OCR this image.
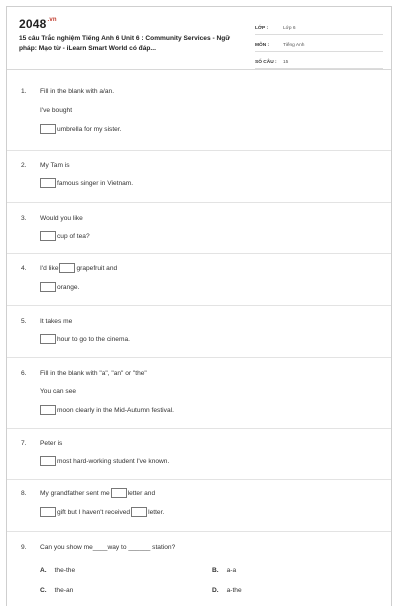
$2048^{.vn}$
15 câu Trắc nghiệm Tiếng Anh 6 Unit 6 : Community Services - Ngữ pháp: Mạo từ - iLearn Smart World có đáp...
LỚP :	Lớp 6
MÔN :	Tiếng Anh
SỐ CÂU :	15
1. Fill in the blank with a/an.
I've bought
umbrella for my sister.
2. My Tam is
famous singer in Vietnam.
3. Would you like
cup of tea?
4. I'd like	grapefruit and
orange.
5. It takes me
hour to go to the cinema.
6. Fill in the blank with "a", "an" or "the"
You can see
moon clearly in the Mid-Autumn festival.
7. Peter is
most hard-working student I've known.
8. My grandfather sent me	letter and
gift but I haven't received	letter.
9. Can you show me____way to ______ station?
A. the-the	B. a-a
C. the-an	D. a-the
